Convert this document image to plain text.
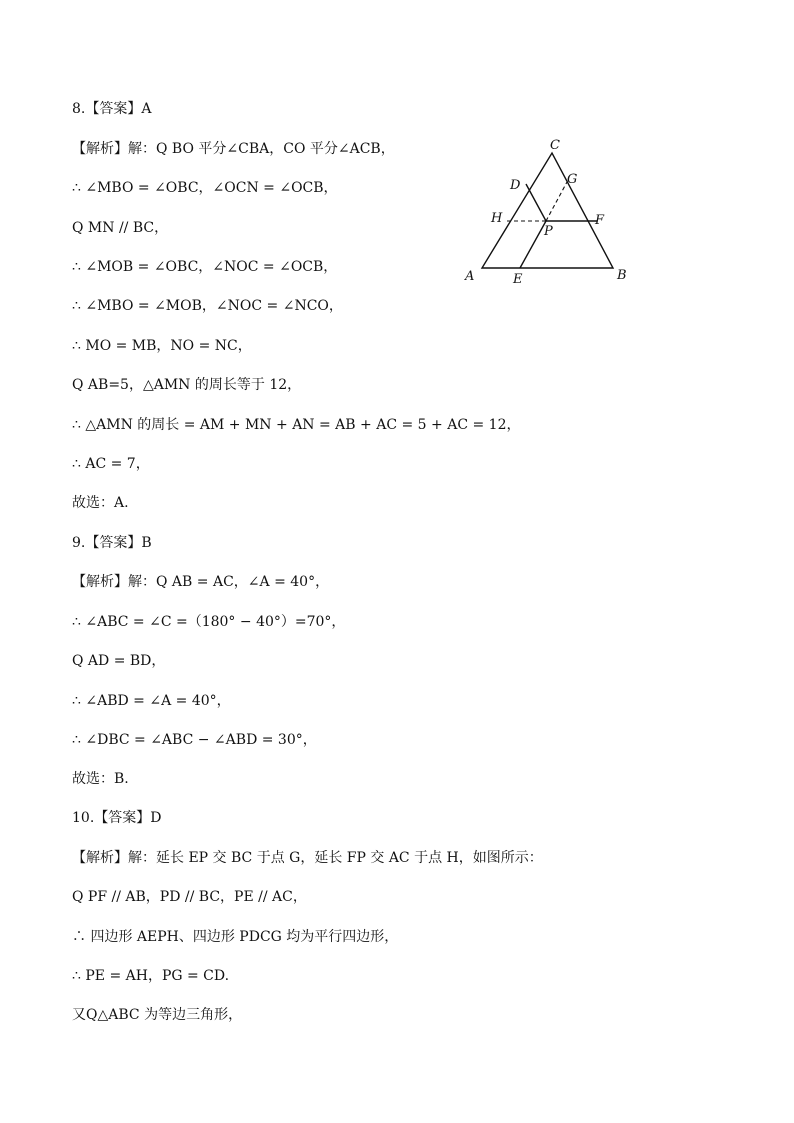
8.【答案】A
【解析】解：Q BO 平分∠CBA，CO 平分∠ACB，
∴ ∠MBO = ∠OBC，∠OCN = ∠OCB，
Q MN // BC，
∴ ∠MOB = ∠OBC，∠NOC = ∠OCB，
∴ ∠MBO = ∠MOB，∠NOC = ∠NCO，
∴ MO = MB，NO = NC，
Q AB=5，△AMN 的周长等于 12，
∴ △AMN 的周长 = AM + MN + AN = AB + AC = 5 + AC = 12，
∴ AC = 7，
故选：A.
9.【答案】B
【解析】解：Q AB = AC，∠A = 40°，
∴ ∠ABC = ∠C =（180° − 40°）=70°，
Q AD = BD，
∴ ∠ABD = ∠A = 40°，
∴ ∠DBC = ∠ABC − ∠ABD = 30°，
故选：B.
10.【答案】D
【解析】解：延长 EP 交 BC 于点 G，延长 FP 交 AC 于点 H，如图所示：
Q PF // AB，PD // BC，PE // AC，
∴ 四边形 AEPH、四边形 PDCG 均为平行四边形，
∴ PE = AH，PG = CD.
又Q△ABC 为等边三角形，
C
G
D
H	F
P
A	E	B
